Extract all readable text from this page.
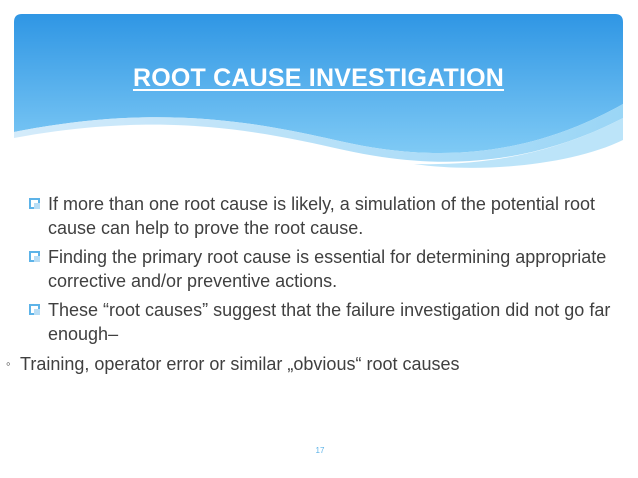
ROOT CAUSE INVESTIGATION
If more than one root cause is likely, a simulation of the potential root cause can help to prove the root cause.
Finding the primary root cause is essential for determining appropriate corrective and/or preventive actions.
These “root causes” suggest that the failure investigation did not go far enough–
◦ Training, operator error or similar „obvious“ root causes
17
